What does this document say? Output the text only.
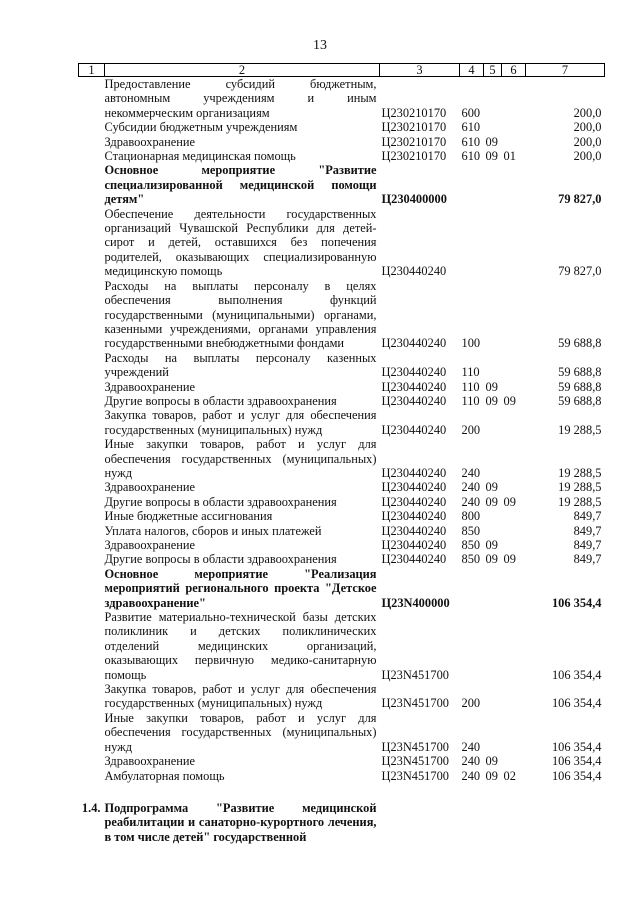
13
1	2	3	4	5	6	7
	Предоставление субсидий бюджетным, автономным учреждениям и иным некоммерческим организациям	Ц230210170	600			200,0
	Субсидии бюджетным учреждениям	Ц230210170	610			200,0
	Здравоохранение	Ц230210170	610	09		200,0
	Стационарная медицинская помощь	Ц230210170	610	09	01	200,0
	Основное мероприятие "Развитие специализированной медицинской помощи детям"	Ц230400000				79 827,0
	Обеспечение деятельности государственных организаций Чувашской Республики для детей-сирот и детей, оставшихся без попечения родителей, оказывающих специализированную медицинскую помощь	Ц230440240				79 827,0
	Расходы на выплаты персоналу в целях обеспечения выполнения функций государственными (муниципальными) органами, казенными учреждениями, органами управления государственными внебюджетными фондами	Ц230440240	100			59 688,8
	Расходы на выплаты персоналу казенных учреждений	Ц230440240	110			59 688,8
	Здравоохранение	Ц230440240	110	09		59 688,8
	Другие вопросы в области здравоохранения	Ц230440240	110	09	09	59 688,8
	Закупка товаров, работ и услуг для обеспечения государственных (муниципальных) нужд	Ц230440240	200			19 288,5
	Иные закупки товаров, работ и услуг для обеспечения государственных (муниципальных) нужд	Ц230440240	240			19 288,5
	Здравоохранение	Ц230440240	240	09		19 288,5
	Другие вопросы в области здравоохранения	Ц230440240	240	09	09	19 288,5
	Иные бюджетные ассигнования	Ц230440240	800			849,7
	Уплата налогов, сборов и иных платежей	Ц230440240	850			849,7
	Здравоохранение	Ц230440240	850	09		849,7
	Другие вопросы в области здравоохранения	Ц230440240	850	09	09	849,7
	Основное мероприятие "Реализация мероприятий регионального проекта "Детское здравоохранение"	Ц23N400000				106 354,4
	Развитие материально-технической базы детских поликлиник и детских поликлинических отделений медицинских организаций, оказывающих первичную медико-санитарную помощь	Ц23N451700				106 354,4
	Закупка товаров, работ и услуг для обеспечения государственных (муниципальных) нужд	Ц23N451700	200			106 354,4
	Иные закупки товаров, работ и услуг для обеспечения государственных (муниципальных) нужд	Ц23N451700	240			106 354,4
	Здравоохранение	Ц23N451700	240	09		106 354,4
	Амбулаторная помощь	Ц23N451700	240	09	02	106 354,4
1.4.	Подпрограмма "Развитие медицинской реабилитации и санаторно-курортного лечения, в том числе детей" государственной					
